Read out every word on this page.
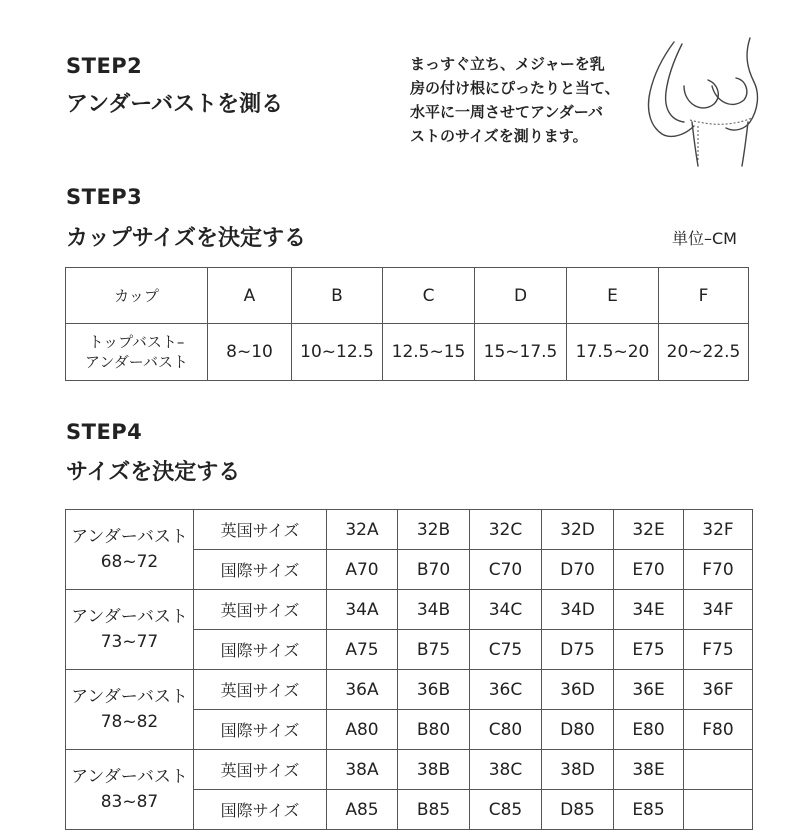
STEP2
アンダーバストを測る
まっすぐ立ち、メジャーを乳
房の付け根にぴったりと当て、
水平に一周させてアンダーバ
ストのサイズを測ります。
STEP3
カップサイズを決定する	単位–CM
カップ	A	B	C	D	E	F

トップバスト–
アンダーバスト	8~10	10~12.5	12.5~15	15~17.5	17.5~20	20~22.5
STEP4
サイズを決定する
アンダーバスト
68~72	英国サイズ	32A	32B	32C	32D	32E	32F
	国際サイズ	A70	B70	C70	D70	E70	F70

アンダーバスト
73~77	英国サイズ	34A	34B	34C	34D	34E	34F
	国際サイズ	A75	B75	C75	D75	E75	F75

アンダーバスト
78~82	英国サイズ	36A	36B	36C	36D	36E	36F
	国際サイズ	A80	B80	C80	D80	E80	F80

アンダーバスト
83~87	英国サイズ	38A	38B	38C	38D	38E	
	国際サイズ	A85	B85	C85	D85	E85	
